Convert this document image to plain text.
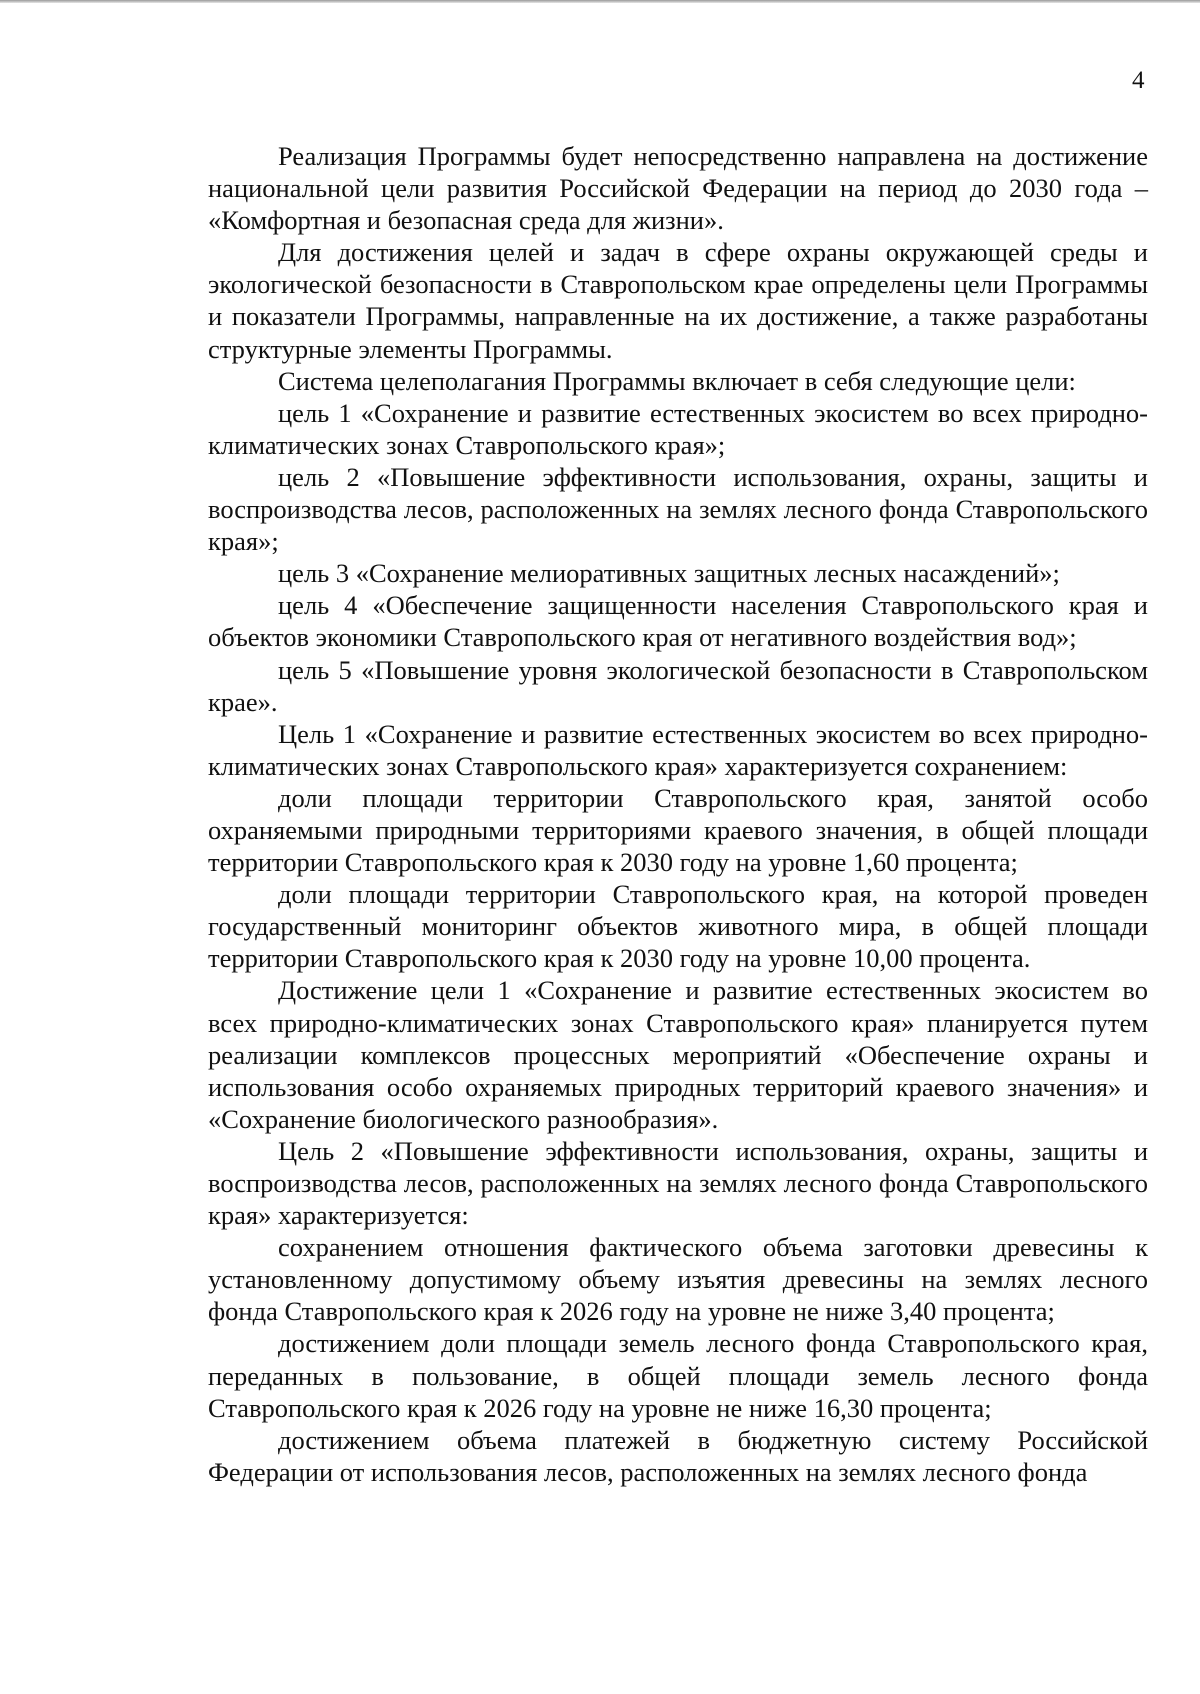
4

Реализация Программы будет непосредственно направлена на достижение национальной цели развития Российской Федерации на период до 2030 года – «Комфортная и безопасная среда для жизни».

Для достижения целей и задач в сфере охраны окружающей среды и экологической безопасности в Ставропольском крае определены цели Программы и показатели Программы, направленные на их достижение, а также разработаны структурные элементы Программы.

Система целеполагания Программы включает в себя следующие цели:

цель 1 «Сохранение и развитие естественных экосистем во всех природно-климатических зонах Ставропольского края»;

цель 2 «Повышение эффективности использования, охраны, защиты и воспроизводства лесов, расположенных на землях лесного фонда Ставропольского края»;

цель 3 «Сохранение мелиоративных защитных лесных насаждений»;

цель 4 «Обеспечение защищенности населения Ставропольского края и объектов экономики Ставропольского края от негативного воздействия вод»;

цель 5 «Повышение уровня экологической безопасности в Ставропольском крае».

Цель 1 «Сохранение и развитие естественных экосистем во всех природно-климатических зонах Ставропольского края» характеризуется сохранением:

доли площади территории Ставропольского края, занятой особо охраняемыми природными территориями краевого значения, в общей площади территории Ставропольского края к 2030 году на уровне 1,60 процента;

доли площади территории Ставропольского края, на которой проведен государственный мониторинг объектов животного мира, в общей площади территории Ставропольского края к 2030 году на уровне 10,00 процента.

Достижение цели 1 «Сохранение и развитие естественных экосистем во всех природно-климатических зонах Ставропольского края» планируется путем реализации комплексов процессных мероприятий «Обеспечение охраны и использования особо охраняемых природных территорий краевого значения» и «Сохранение биологического разнообразия».

Цель 2 «Повышение эффективности использования, охраны, защиты и воспроизводства лесов, расположенных на землях лесного фонда Ставропольского края» характеризуется:

сохранением отношения фактического объема заготовки древесины к установленному допустимому объему изъятия древесины на землях лесного фонда Ставропольского края к 2026 году на уровне не ниже 3,40 процента;

достижением доли площади земель лесного фонда Ставропольского края, переданных в пользование, в общей площади земель лесного фонда Ставропольского края к 2026 году на уровне не ниже 16,30 процента;

достижением объема платежей в бюджетную систему Российской Федерации от использования лесов, расположенных на землях лесного фонда
